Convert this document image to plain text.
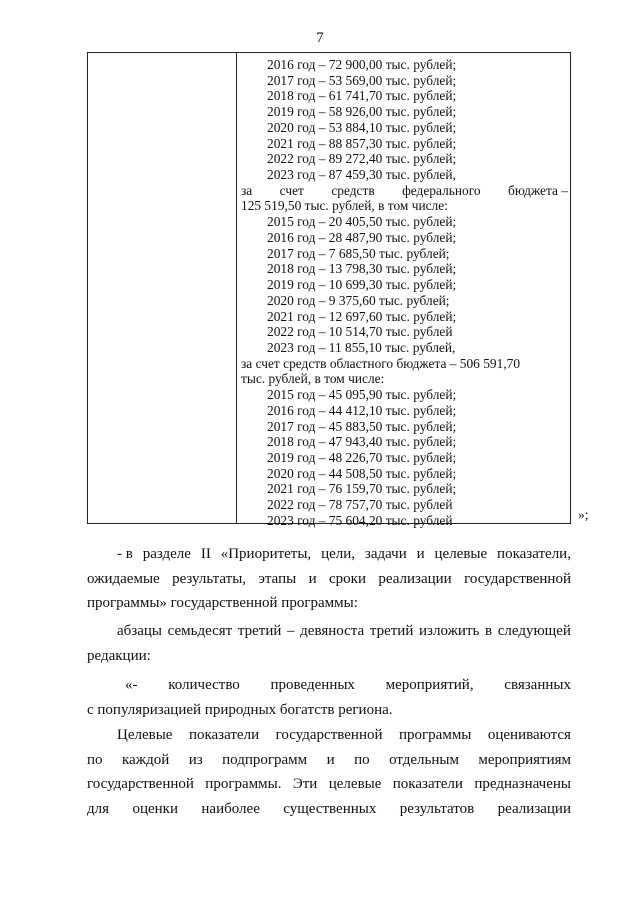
7
2016 год – 72 900,00 тыс. рублей;
2017 год – 53 569,00 тыс. рублей;
2018 год – 61 741,70 тыс. рублей;
2019 год – 58 926,00 тыс. рублей;
2020 год – 53 884,10 тыс. рублей;
2021 год – 88 857,30 тыс. рублей;
2022 год – 89 272,40 тыс. рублей;
2023 год – 87 459,30 тыс. рублей,
за счет средств федерального бюджета –
125 519,50 тыс. рублей, в том числе:
2015 год – 20 405,50 тыс. рублей;
2016 год – 28 487,90 тыс. рублей;
2017 год – 7 685,50 тыс. рублей;
2018 год – 13 798,30 тыс. рублей;
2019 год – 10 699,30 тыс. рублей;
2020 год – 9 375,60 тыс. рублей;
2021 год – 12 697,60 тыс. рублей;
2022 год – 10 514,70 тыс. рублей
2023 год – 11 855,10 тыс. рублей,
за счет средств областного бюджета – 506 591,70
тыс. рублей, в том числе:
2015 год – 45 095,90 тыс. рублей;
2016 год – 44 412,10 тыс. рублей;
2017 год – 45 883,50 тыс. рублей;
2018 год – 47 943,40 тыс. рублей;
2019 год – 48 226,70 тыс. рублей;
2020 год – 44 508,50 тыс. рублей;
2021 год – 76 159,70 тыс. рублей;
2022 год – 78 757,70 тыс. рублей
2023 год – 75 604,20 тыс. рублей	»;
- в разделе II «Приоритеты, цели, задачи и целевые показатели,
ожидаемые результаты, этапы и сроки реализации государственной
программы» государственной программы:
абзацы семьдесят третий – девяноста третий изложить в следующей
редакции:
«- количество проведенных мероприятий, связанных
с популяризацией природных богатств региона.
Целевые показатели государственной программы оцениваются
по каждой из подпрограмм и по отдельным мероприятиям
государственной программы. Эти целевые показатели предназначены
для оценки наиболее существенных результатов реализации
